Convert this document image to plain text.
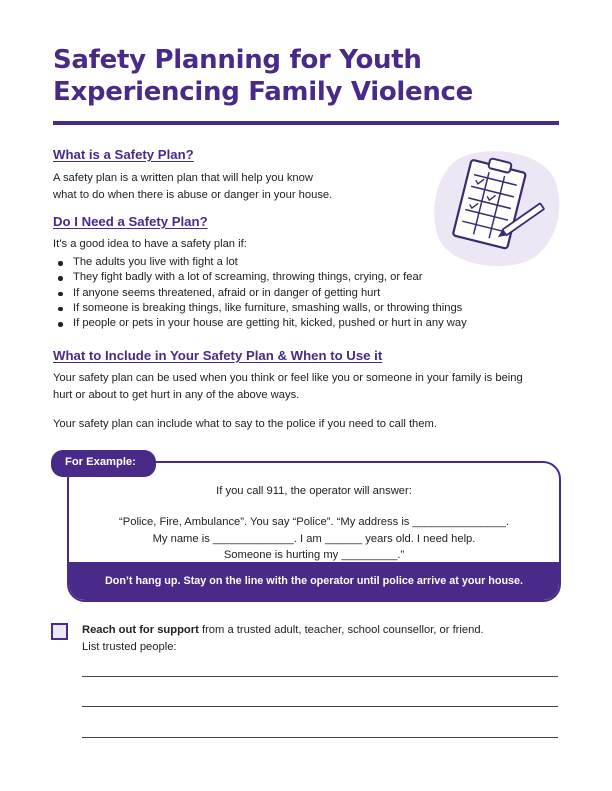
Safety Planning for Youth
Experiencing Family Violence
What is a Safety Plan?

A safety plan is a written plan that will help you know
what to do when there is abuse or danger in your house.

Do I Need a Safety Plan?

It’s a good idea to have a safety plan if:

The adults you live with fight a lot
They fight badly with a lot of screaming, throwing things, crying, or fear
If anyone seems threatened, afraid or in danger of getting hurt
If someone is breaking things, like furniture, smashing walls, or throwing things
If people or pets in your house are getting hit, kicked, pushed or hurt in any way
What to Include in Your Safety Plan & When to Use it

Your safety plan can be used when you think or feel like you or someone in your family is being
hurt or about to get hurt in any of the above ways.

Your safety plan can include what to say to the police if you need to call them.

If you call 911, the operator will answer:
“Police, Fire, Ambulance”. You say “Police”. “My address is _______________.
My name is _____________. I am ______ years old. I need help.
Someone is hurting my _________.”
Don’t hang up. Stay on the line with the operator until police arrive at your house.
For Example:
Reach out for support from a trusted adult, teacher, school counsellor, or friend.
List trusted people:
